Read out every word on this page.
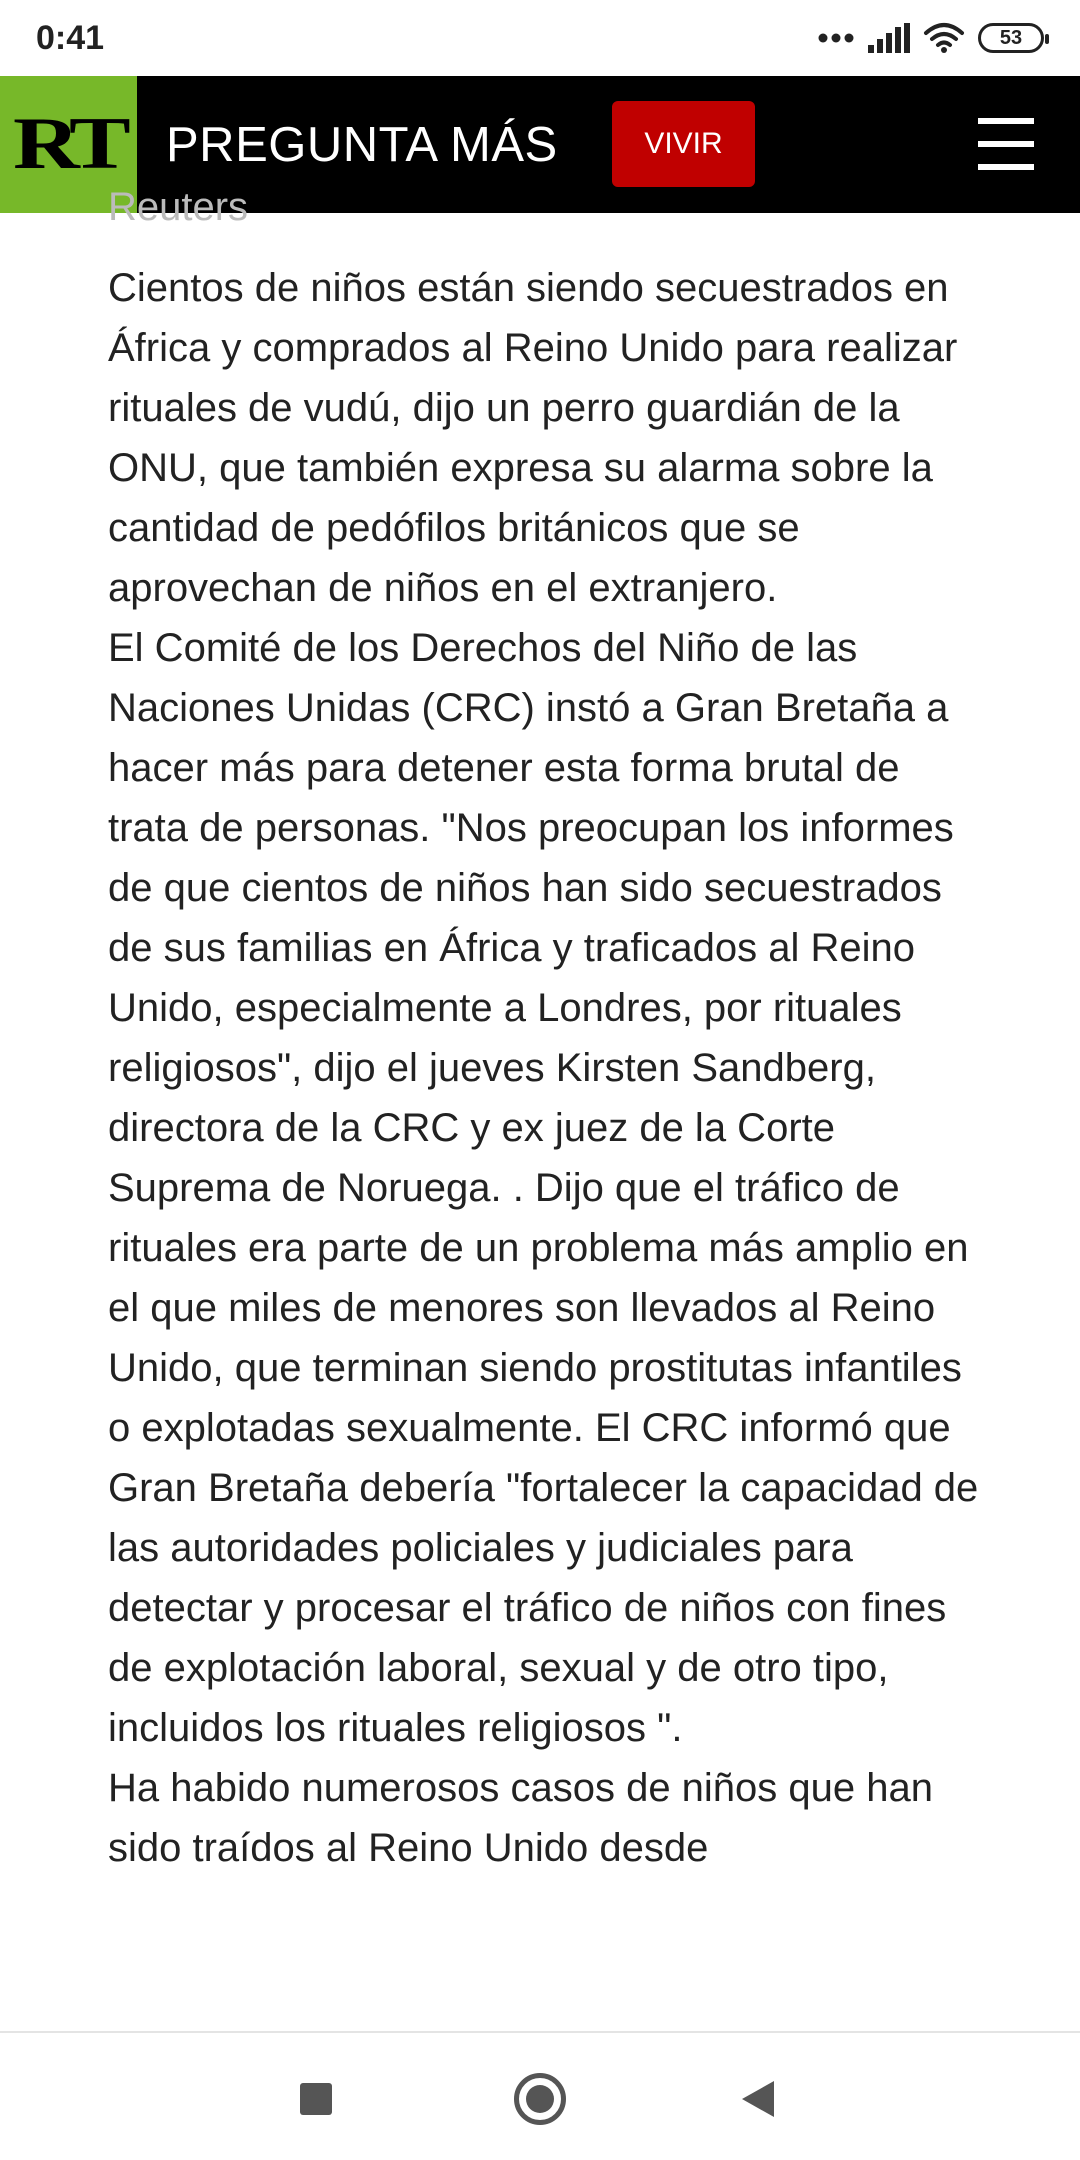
0:41	53
RT PREGUNTA MÁS	VIVIR
Reuters

Cientos de niños están siendo secuestrados en África y comprados al Reino Unido para realizar rituales de vudú, dijo un perro guardián de la ONU, que también expresa su alarma sobre la cantidad de pedófilos británicos que se aprovechan de niños en el extranjero.

El Comité de los Derechos del Niño de las Naciones Unidas (CRC) instó a Gran Bretaña a hacer más para detener esta forma brutal de trata de personas. "Nos preocupan los informes de que cientos de niños han sido secuestrados de sus familias en África y traficados al Reino Unido, especialmente a Londres, por rituales religiosos", dijo el jueves Kirsten Sandberg, directora de la CRC y ex juez de la Corte Suprema de Noruega. . Dijo que el tráfico de rituales era parte de un problema más amplio en el que miles de menores son llevados al Reino Unido, que terminan siendo prostitutas infantiles o explotadas sexualmente. El CRC informó que Gran Bretaña debería "fortalecer la capacidad de las autoridades policiales y judiciales para detectar y procesar el tráfico de niños con fines de explotación laboral, sexual y de otro tipo, incluidos los rituales religiosos ".

Ha habido numerosos casos de niños que han sido traídos al Reino Unido desde
